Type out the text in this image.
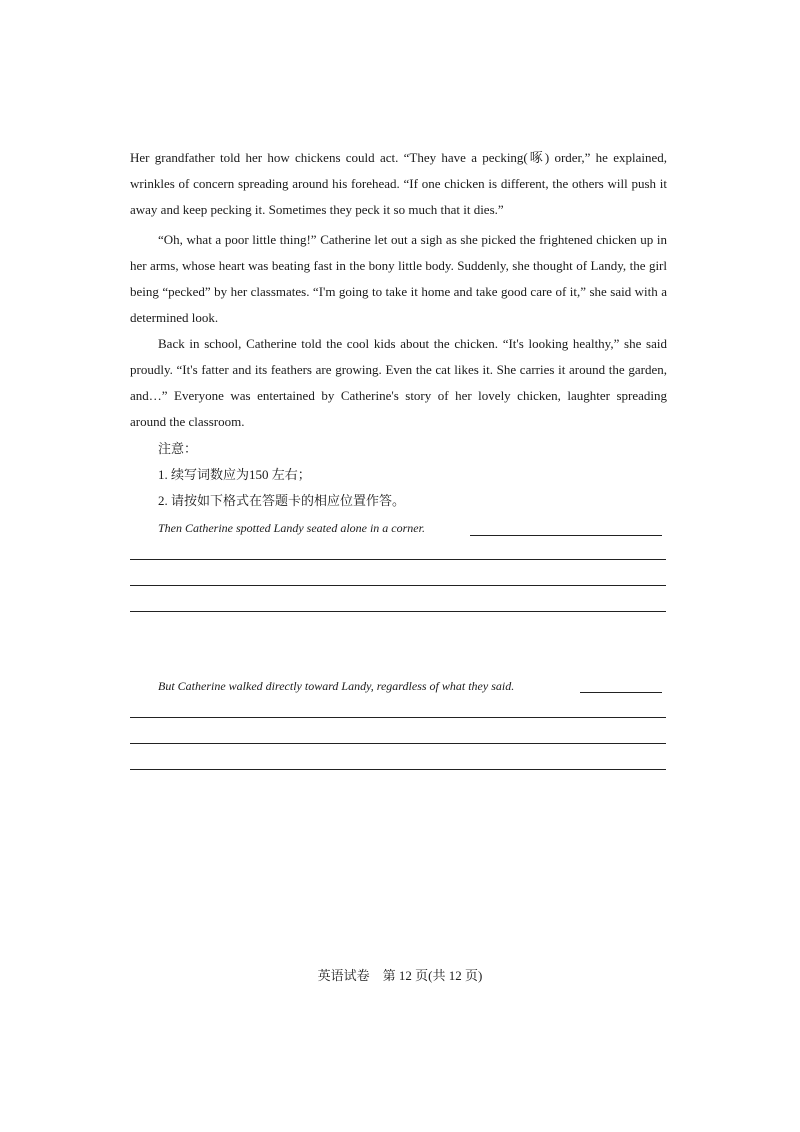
Her grandfather told her how chickens could act. “They have a pecking(啄) order,” he explained, wrinkles of concern spreading around his forehead. “If one chicken is different, the others will push it away and keep pecking it. Sometimes they peck it so much that it dies.”

“Oh, what a poor little thing!” Catherine let out a sigh as she picked the frightened chicken up in her arms, whose heart was beating fast in the bony little body. Suddenly, she thought of Landy, the girl being “pecked” by her classmates. “I'm going to take it home and take good care of it,” she said with a determined look.

Back in school, Catherine told the cool kids about the chicken. “It's looking healthy,” she said proudly. “It's fatter and its feathers are growing. Even the cat likes it. She carries it around the garden, and…” Everyone was entertained by Catherine's story of her lovely chicken, laughter spreading around the classroom.

注意：

1. 续写词数应为150 左右；

2. 请按如下格式在答题卡的相应位置作答。

Then Catherine spotted Landy seated alone in a corner.

But Catherine walked directly toward Landy, regardless of what they said.

英语试卷　第 12 页(共 12 页)
